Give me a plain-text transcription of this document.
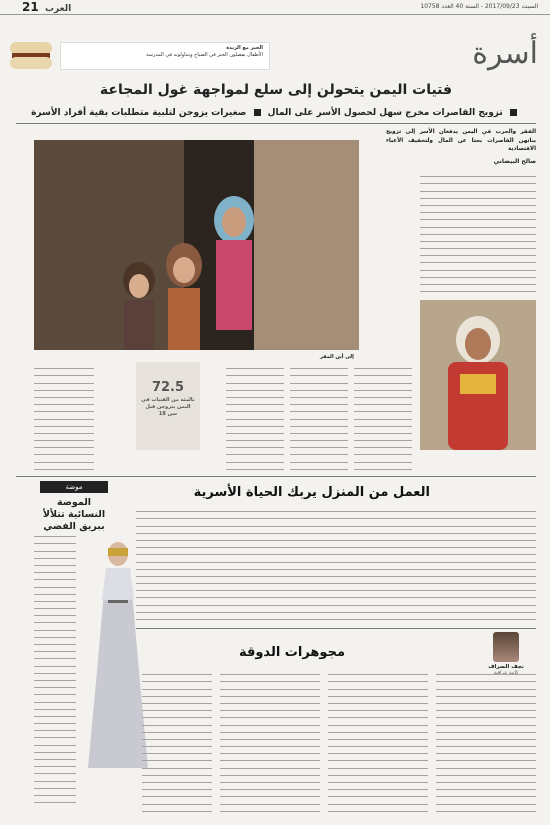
21 العرب	السبت 2017/09/23 - السنة 40 العدد 10758
أسرة
الخبز مع الزبدة
الأطفال يفضلون الخبز في الصباح ويتناولونه في المدرسة
فتيات اليمن يتحولن إلى سلع لمواجهة غول المجاعة
تزويج القاصرات مخرج سهل لحصول الأسر على المال  صغيرات يزوجن لتلبية متطلبات بقية أفراد الأسرة
الفقر والحرب في اليمن يدفعان الأسر إلى تزويج بناتهن القاصرات بحثا عن المال ولتخفيف الأعباء الاقتصادية
صالح البيضاني
إلى أين المفر
72.5
بالمئة من الفتيات في اليمن يتزوجن قبل سن 18
العمل من المنزل يربك الحياة الأسرية
موضة
الموضة النسائية تتلألأ ببريق الفضي
مجوهرات الدوقة
نجف الصراف
كاتبة عراقية
